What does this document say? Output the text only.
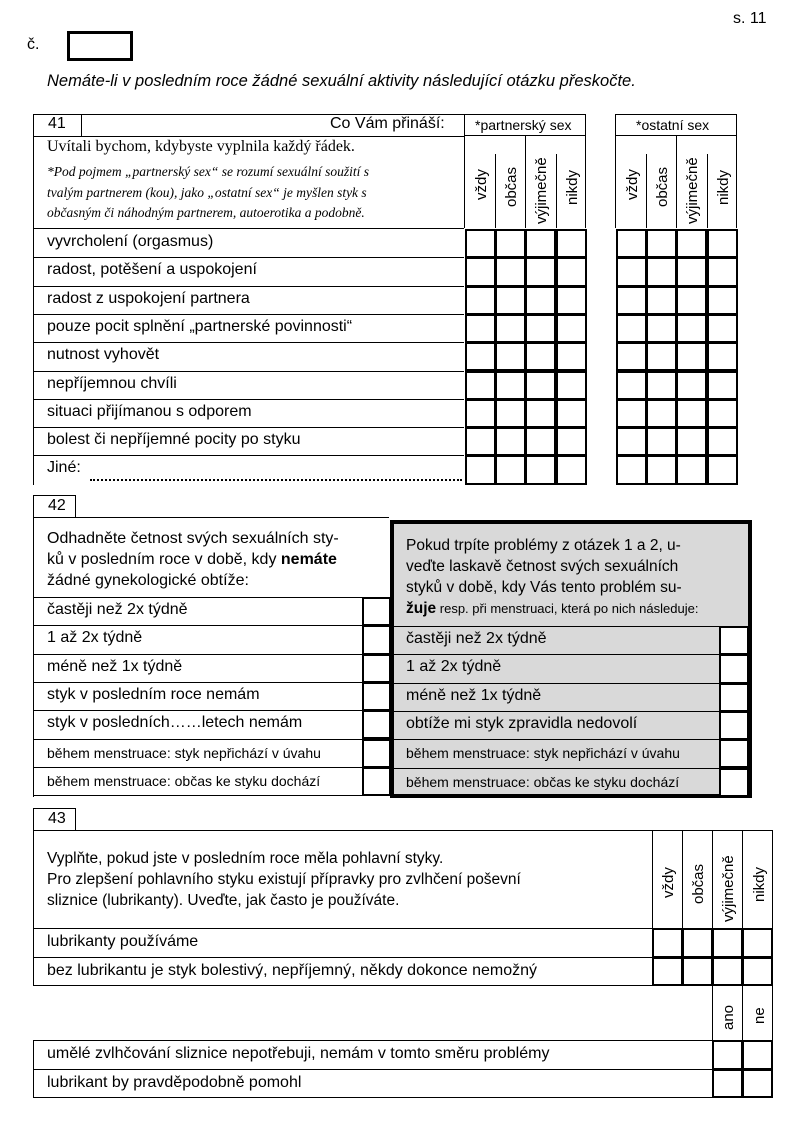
s. 11
č.
Nemáte-li v posledním roce žádné sexuální aktivity následující otázku přeskočte.
41	Co Vám přináší: *partnerský sex	*ostatní sex
Uvítali bychom, kdybyste vyplnila každý řádek.
*Pod pojmem „partnerský sex“ se rozumí sexuální soužití s
tvalým partnerem (kou), jako „ostatní sex“ je myšlen styk s
občasným či náhodným partnerem, autoerotika a podobně.
vždy občas výjimečně nikdy	vždy občas výjimečně nikdy
vyvrcholení (orgasmus)
radost, potěšení a uspokojení
radost z uspokojení partnera
pouze pocit splnění „partnerské povinnosti“
nutnost vyhovět
nepříjemnou chvíli
situaci přijímanou s odporem
bolest či nepříjemné pocity po styku
Jiné:
42
Odhadněte četnost svých sexuálních sty-
ků v posledním roce v době, kdy nemáte
žádné gynekologické obtíže:
častěji než 2x týdně
1 až 2x týdně
méně než 1x týdně
styk v posledním roce nemám
styk v posledních……letech nemám
během menstruace: styk nepřichází v úvahu
během menstruace: občas ke styku dochází
Pokud trpíte problémy z otázek 1 a 2, u-
veďte laskavě četnost svých sexuálních
styků v době, kdy Vás tento problém su-
žuje resp. při menstruaci, která po nich následuje:
častěji než 2x týdně
1 až 2x týdně
méně než 1x týdně
obtíže mi styk zpravidla nedovolí
během menstruace: styk nepřichází v úvahu
během menstruace: občas ke styku dochází
43
Vyplňte, pokud jste v posledním roce měla pohlavní styky.
Pro zlepšení pohlavního styku existují přípravky pro zvlhčení poševní
sliznice (lubrikanty). Uveďte, jak často je používáte.
vždy občas výjimečně nikdy
lubrikanty používáme
bez lubrikantu je styk bolestivý, nepříjemný, někdy dokonce nemožný
ano ne
umělé zvlhčování sliznice nepotřebuji, nemám v tomto směru problémy
lubrikant by pravděpodobně pomohl
